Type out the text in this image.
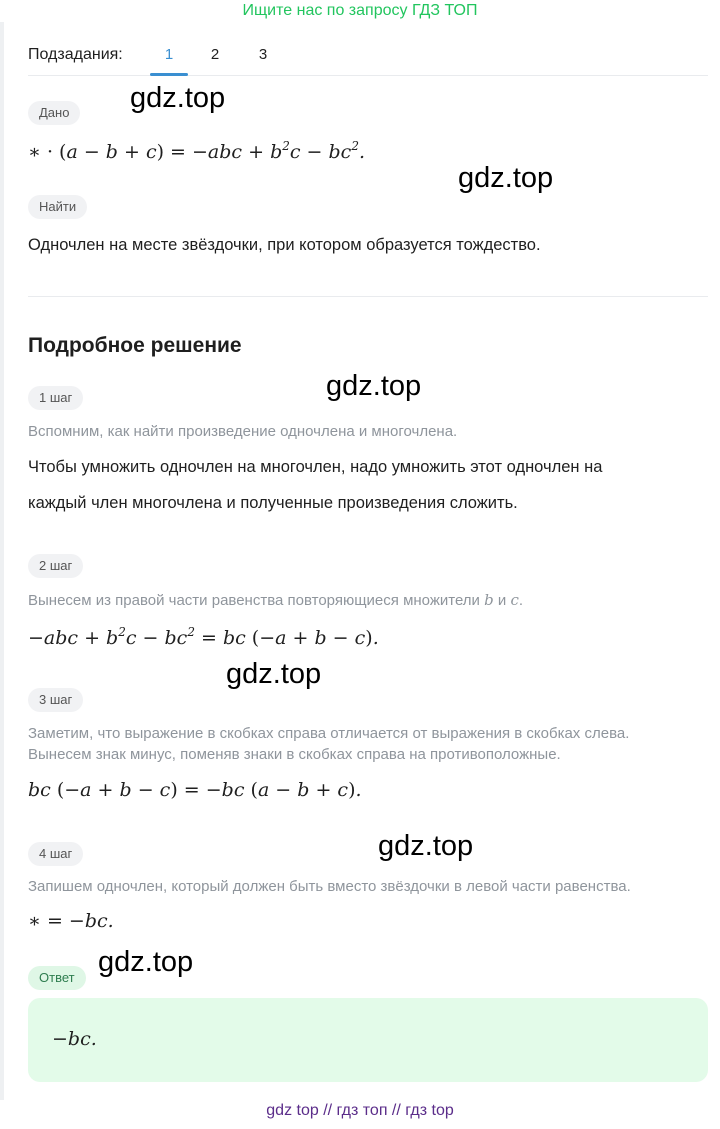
Ищите нас по запросу ГДЗ ТОП
Подзадания:	1	2	3
Дано
∗ · $(a - b + c) = -abc + b^2c - bc^2$.
Найти
Одночлен на месте звёздочки, при котором образуется тождество.
Подробное решение
1 шаг
Вспомним, как найти произведение одночлена и многочлена.
Чтобы умножить одночлен на многочлен, надо умножить этот одночлен на
каждый член многочлена и полученные произведения сложить.
2 шаг
Вынесем из правой части равенства повторяющиеся множители b и c.
$-abc + b^2c - bc^2$ = bc (−a + b − c).
3 шаг
Заметим, что выражение в скобках справа отличается от выражения в скобках слева.
Вынесем знак минус, поменяв знаки в скобках справа на противоположные.
bc (−a + b − c) = −bc (a − b + c).
4 шаг
Запишем одночлен, который должен быть вместо звёздочки в левой части равенства.
∗ = −bc.
Ответ
−bc.
gdz.top
gdz.top
gdz.top
gdz.top
gdz.top
gdz.top
gdz top // гдз топ // гдз top
